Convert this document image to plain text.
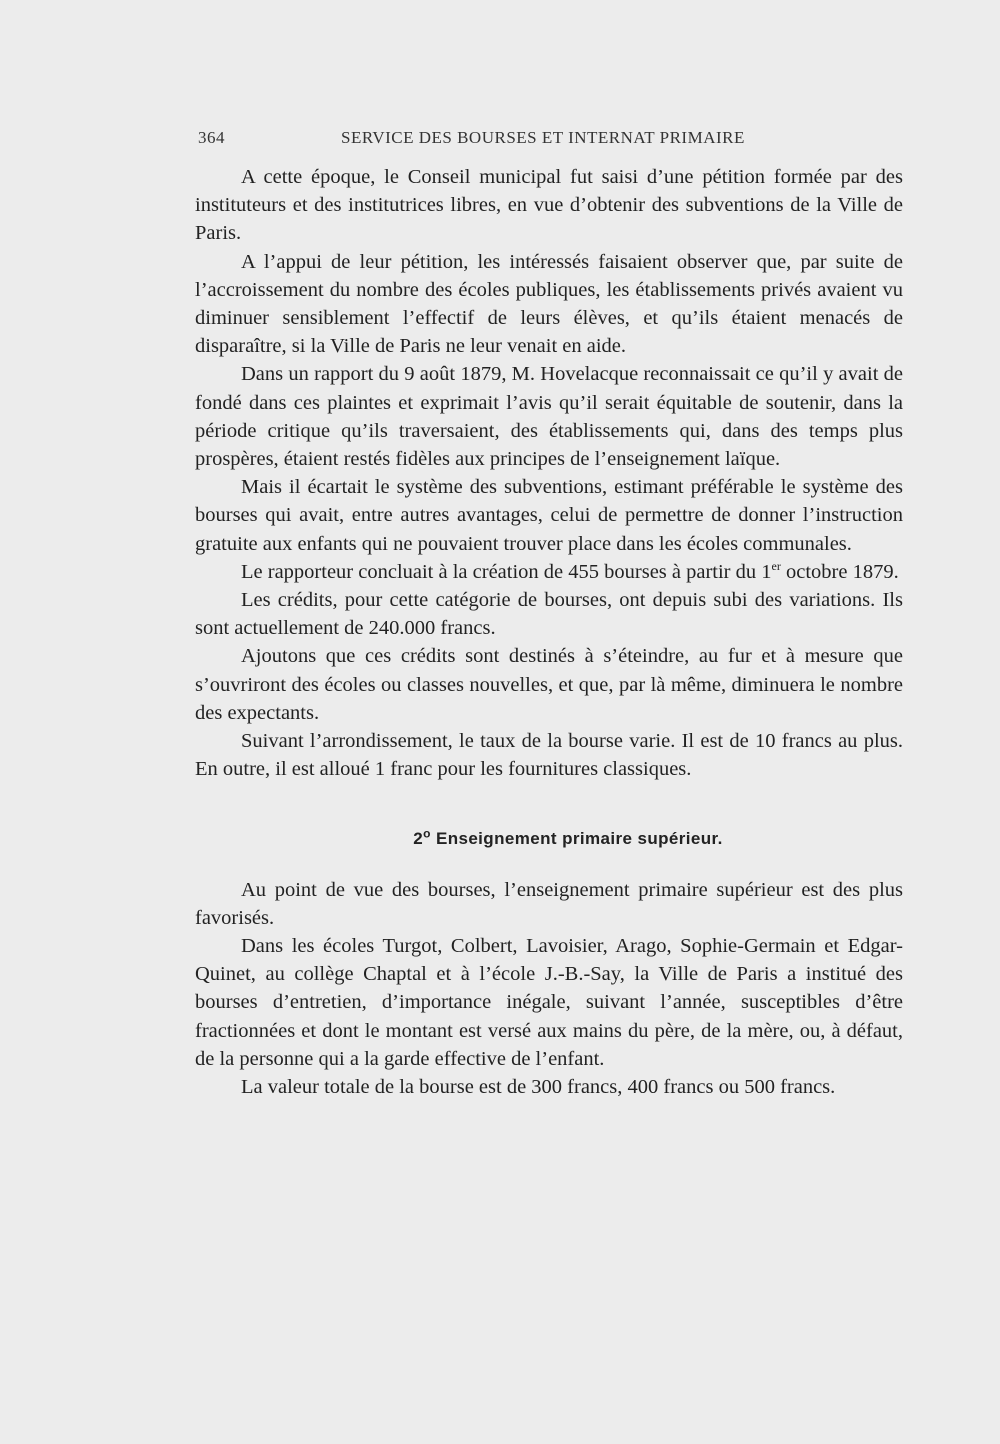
364	SERVICE DES BOURSES ET INTERNAT PRIMAIRE

A cette époque, le Conseil municipal fut saisi d’une pétition formée par des instituteurs et des institutrices libres, en vue d’obtenir des subventions de la Ville de Paris.

A l’appui de leur pétition, les intéressés faisaient observer que, par suite de l’accroissement du nombre des écoles publiques, les établissements privés avaient vu diminuer sensiblement l’effectif de leurs élèves, et qu’ils étaient menacés de disparaître, si la Ville de Paris ne leur venait en aide.

Dans un rapport du 9 août 1879, M. Hovelacque reconnaissait ce qu’il y avait de fondé dans ces plaintes et exprimait l’avis qu’il serait équitable de soutenir, dans la période critique qu’ils traversaient, des établissements qui, dans des temps plus prospères, étaient restés fidèles aux principes de l’enseignement laïque.

Mais il écartait le système des subventions, estimant préférable le système des bourses qui avait, entre autres avantages, celui de permettre de donner l’instruction gratuite aux enfants qui ne pouvaient trouver place dans les écoles communales.

Le rapporteur concluait à la création de 455 bourses à partir du 1er octobre 1879.

Les crédits, pour cette catégorie de bourses, ont depuis subi des variations. Ils sont actuellement de 240.000 francs.

Ajoutons que ces crédits sont destinés à s’éteindre, au fur et à mesure que s’ouvriront des écoles ou classes nouvelles, et que, par là même, diminuera le nombre des expectants.

Suivant l’arrondissement, le taux de la bourse varie. Il est de 10 francs au plus. En outre, il est alloué 1 franc pour les fournitures classiques.

2$^o$ Enseignement primaire supérieur.

Au point de vue des bourses, l’enseignement primaire supérieur est des plus favorisés.

Dans les écoles Turgot, Colbert, Lavoisier, Arago, Sophie-Germain et Edgar-Quinet, au collège Chaptal et à l’école J.-B.-Say, la Ville de Paris a institué des bourses d’entretien, d’importance inégale, suivant l’année, susceptibles d’être fractionnées et dont le montant est versé aux mains du père, de la mère, ou, à défaut, de la personne qui a la garde effective de l’enfant.

La valeur totale de la bourse est de 300 francs, 400 francs ou 500 francs.
